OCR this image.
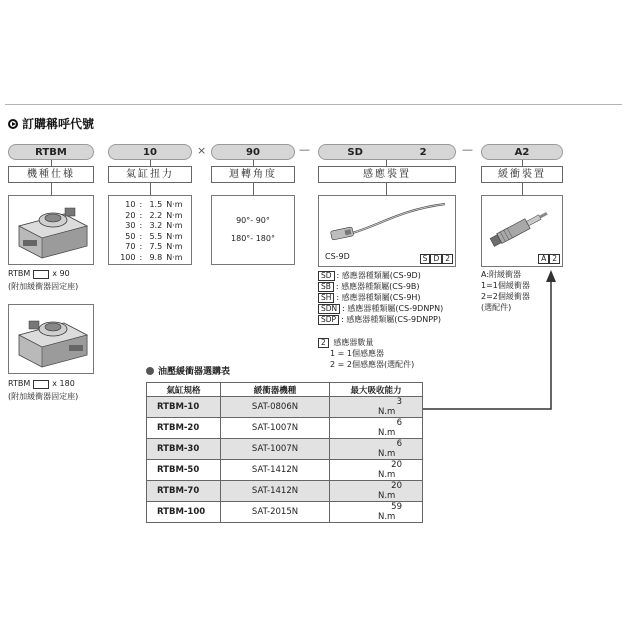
訂購稱呼代號
RTBM	×
10	90	—	SD	2	—	A2
機種仕様	氣缸扭力	迴轉角度	感應裝置	緩衝裝置
RTBM	x 90
(附加緩衝器固定座)
RTBM	x 180
(附加緩衝器固定座)
10 : 1.5 N·m
20 : 2.2 N·m
30 : 3.2 N·m
50 : 5.5 N·m
70 : 7.5 N·m
100 : 9.8 N·m
90°- 90°
180°- 180°
CS-9D	S D 2
SD : 感應器種類屬(CS-9D)
SB : 感應器種類屬(CS-9B)
SH : 感應器種類屬(CS-9H)
SDN : 感應器種類屬(CS-9DNPN)
SDP : 感應器種類屬(CS-9DNPP)
2 感應器數量
1 = 1個感應器
2 = 2個感應器(選配件)
A 2
A:附緩衝器
1=1個緩衝器
2=2個緩衝器
(選配件)
油壓緩衝器選購表
氣缸規格	緩衝器機種	最大吸收能力
RTBM-10	SAT-0806N	3N.m
RTBM-20	SAT-1007N	6N.m
RTBM-30	SAT-1007N	6N.m
RTBM-50	SAT-1412N	20N.m
RTBM-70	SAT-1412N	20N.m
RTBM-100	SAT-2015N	59N.m
